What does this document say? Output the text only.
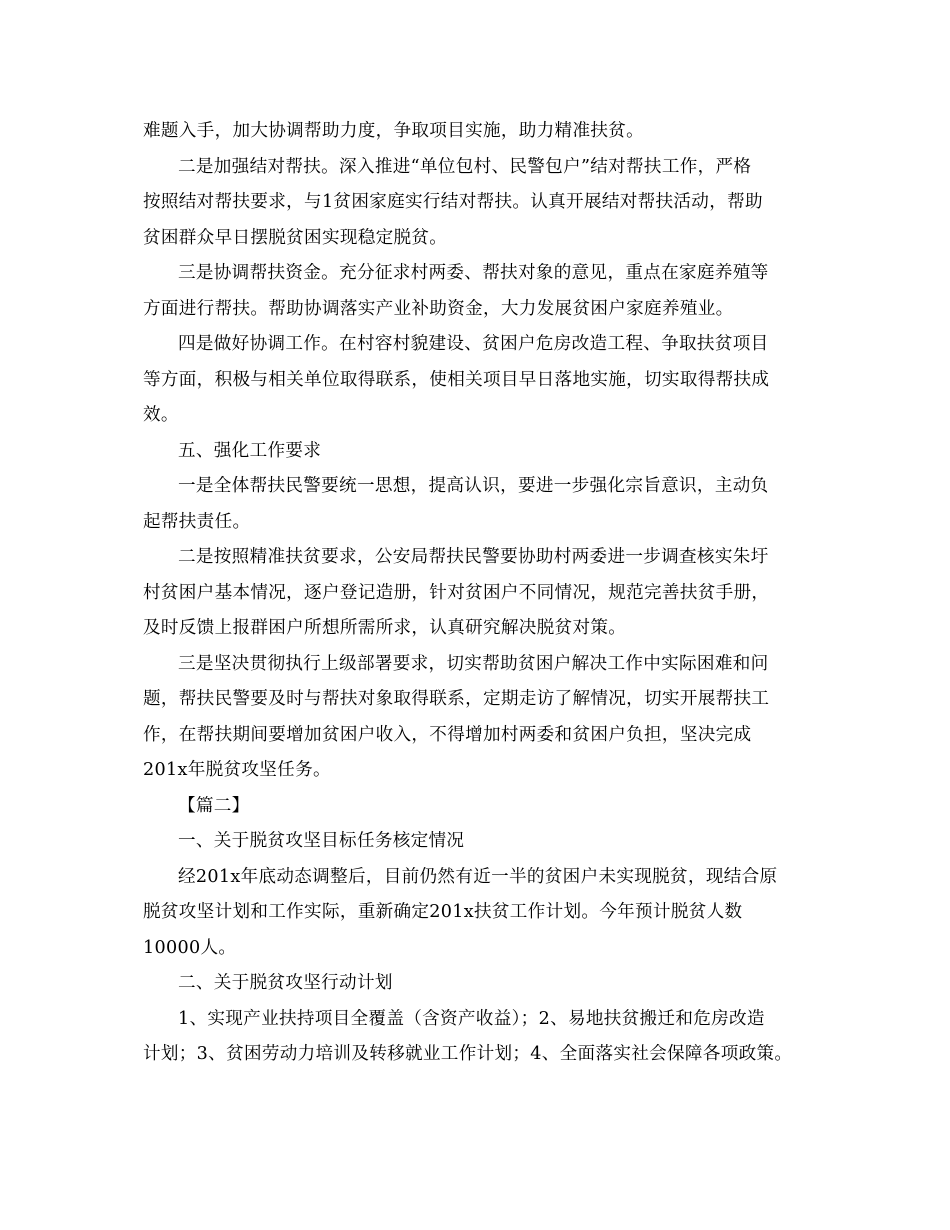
难题入手，加大协调帮助力度，争取项目实施，助力精准扶贫。

二是加强结对帮扶。深入推进“单位包村、民警包户”结对帮扶工作，严格

按照结对帮扶要求，与1贫困家庭实行结对帮扶。认真开展结对帮扶活动，帮助

贫困群众早日摆脱贫困实现稳定脱贫。

三是协调帮扶资金。充分征求村两委、帮扶对象的意见，重点在家庭养殖等

方面进行帮扶。帮助协调落实产业补助资金，大力发展贫困户家庭养殖业。

四是做好协调工作。在村容村貌建设、贫困户危房改造工程、争取扶贫项目

等方面，积极与相关单位取得联系，使相关项目早日落地实施，切实取得帮扶成

效。

五、强化工作要求

一是全体帮扶民警要统一思想，提高认识，要进一步强化宗旨意识，主动负

起帮扶责任。

二是按照精准扶贫要求，公安局帮扶民警要协助村两委进一步调查核实朱圩

村贫困户基本情况，逐户登记造册，针对贫困户不同情况，规范完善扶贫手册，

及时反馈上报群困户所想所需所求，认真研究解决脱贫对策。

三是坚决贯彻执行上级部署要求，切实帮助贫困户解决工作中实际困难和问

题，帮扶民警要及时与帮扶对象取得联系，定期走访了解情况，切实开展帮扶工

作，在帮扶期间要增加贫困户收入，不得增加村两委和贫困户负担，坚决完成

201x年脱贫攻坚任务。

【篇二】

一、关于脱贫攻坚目标任务核定情况

经201x年底动态调整后，目前仍然有近一半的贫困户未实现脱贫，现结合原

脱贫攻坚计划和工作实际，重新确定201x扶贫工作计划。今年预计脱贫人数

10000人。

二、关于脱贫攻坚行动计划

1、实现产业扶持项目全覆盖（含资产收益）；2、易地扶贫搬迁和危房改造

计划；3、贫困劳动力培训及转移就业工作计划；4、全面落实社会保障各项政策。
